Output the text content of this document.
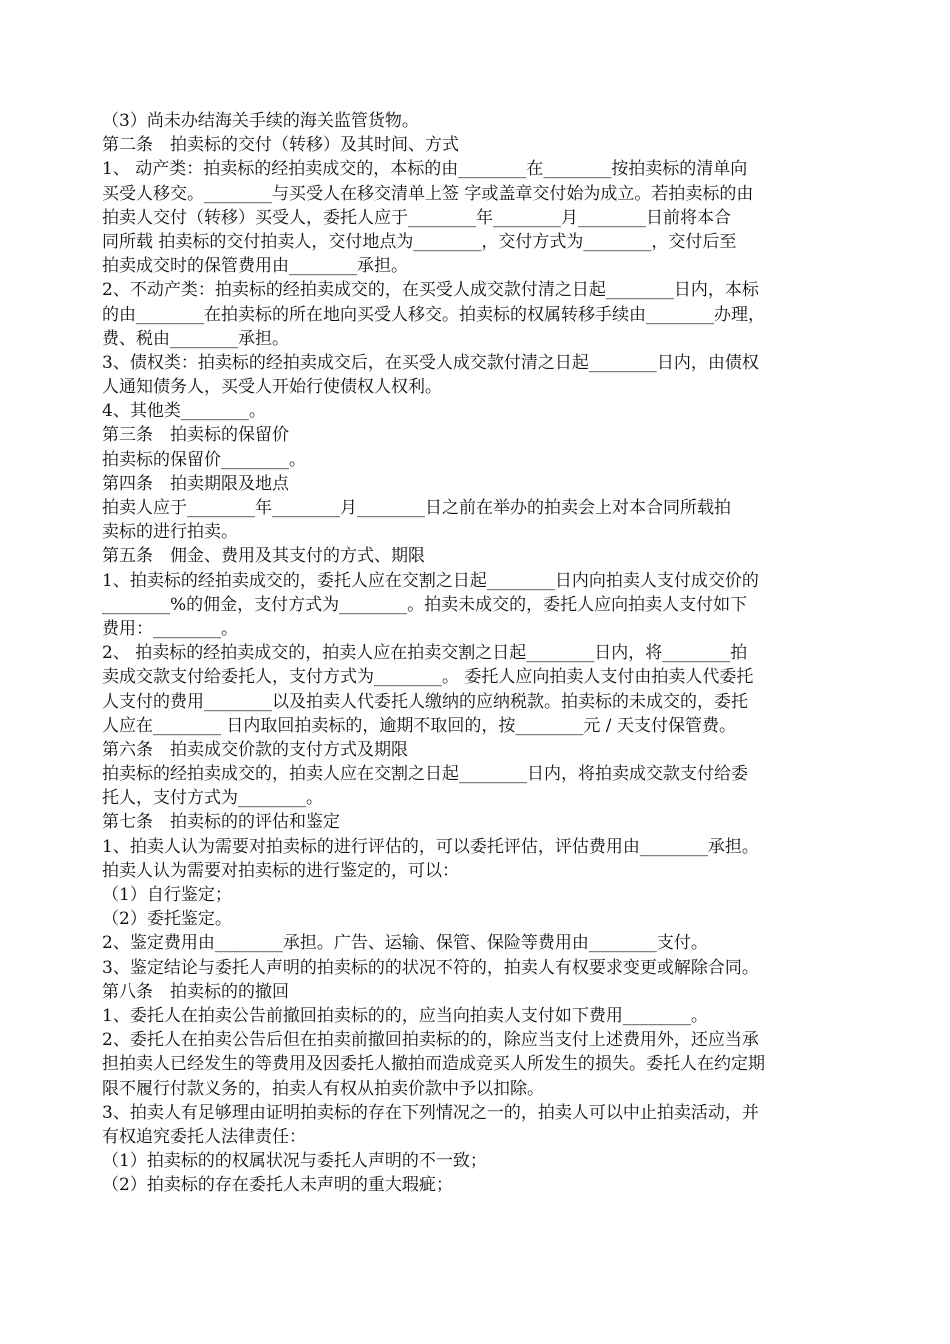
（3）尚未办结海关手续的海关监管货物。
第二条　拍卖标的交付（转移）及其时间、方式
1、 动产类：拍卖标的经拍卖成交的，本标的由________在________按拍卖标的清单向
买受人移交。________与买受人在移交清单上签 字或盖章交付始为成立。若拍卖标的由
拍卖人交付（转移）买受人，委托人应于________年________月________日前将本合
同所载 拍卖标的交付拍卖人，交付地点为________，交付方式为________，交付后至
拍卖成交时的保管费用由________承担。
2、不动产类：拍卖标的经拍卖成交的，在买受人成交款付清之日起________日内，本标
的由________在拍卖标的所在地向买受人移交。拍卖标的权属转移手续由________办理，
费、税由________承担。
3、债权类：拍卖标的经拍卖成交后，在买受人成交款付清之日起________日内，由债权
人通知债务人，买受人开始行使债权人权利。
4、其他类________。
第三条　拍卖标的保留价
拍卖标的保留价________。
第四条　拍卖期限及地点
拍卖人应于________年________月________日之前在举办的拍卖会上对本合同所载拍
卖标的进行拍卖。
第五条　佣金、费用及其支付的方式、期限
1、拍卖标的经拍卖成交的，委托人应在交割之日起________日内向拍卖人支付成交价的
________%的佣金，支付方式为________。拍卖未成交的，委托人应向拍卖人支付如下
费用：________。
2、 拍卖标的经拍卖成交的，拍卖人应在拍卖交割之日起________日内，将________拍
卖成交款支付给委托人，支付方式为________。 委托人应向拍卖人支付由拍卖人代委托
人支付的费用________以及拍卖人代委托人缴纳的应纳税款。拍卖标的未成交的，委托
人应在________ 日内取回拍卖标的，逾期不取回的，按________元 / 天支付保管费。
第六条　拍卖成交价款的支付方式及期限
拍卖标的经拍卖成交的，拍卖人应在交割之日起________日内，将拍卖成交款支付给委
托人，支付方式为________。
第七条　拍卖标的的评估和鉴定
1、拍卖人认为需要对拍卖标的进行评估的，可以委托评估，评估费用由________承担。
拍卖人认为需要对拍卖标的进行鉴定的，可以：
（1）自行鉴定；
（2）委托鉴定。
2、鉴定费用由________承担。广告、运输、保管、保险等费用由________支付。
3、鉴定结论与委托人声明的拍卖标的的状况不符的，拍卖人有权要求变更或解除合同。
第八条　拍卖标的的撤回
1、委托人在拍卖公告前撤回拍卖标的的，应当向拍卖人支付如下费用________。
2、委托人在拍卖公告后但在拍卖前撤回拍卖标的的，除应当支付上述费用外，还应当承
担拍卖人已经发生的等费用及因委托人撤拍而造成竞买人所发生的损失。委托人在约定期
限不履行付款义务的，拍卖人有权从拍卖价款中予以扣除。
3、拍卖人有足够理由证明拍卖标的存在下列情况之一的，拍卖人可以中止拍卖活动，并
有权追究委托人法律责任：
（1）拍卖标的的权属状况与委托人声明的不一致；
（2）拍卖标的存在委托人未声明的重大瑕疵；
